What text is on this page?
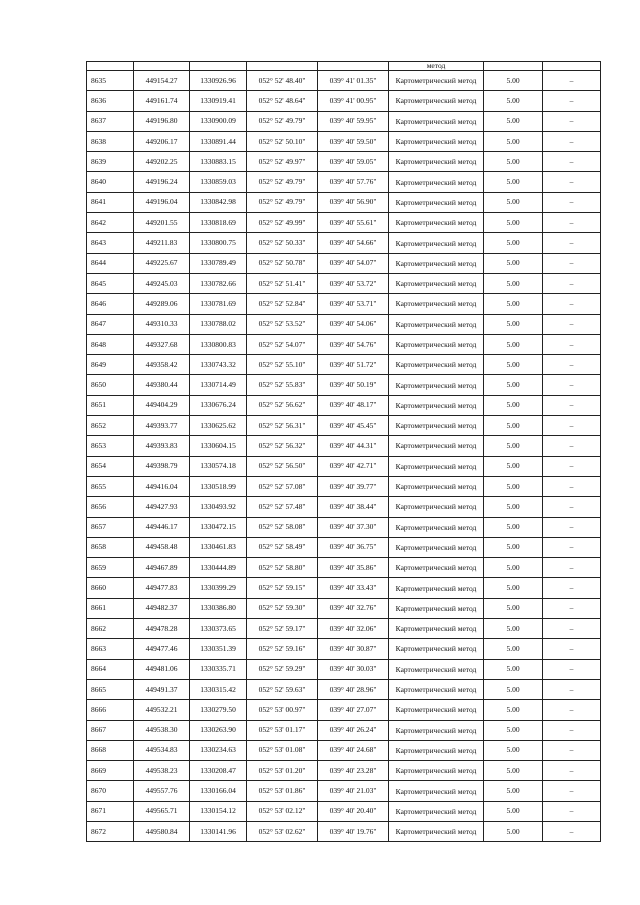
					метод		
8635	449154.27	1330926.96	052° 52' 48.40"	039° 41' 01.35"	Картометрический метод	5.00	–
8636	449161.74	1330919.41	052° 52' 48.64"	039° 41' 00.95"	Картометрический метод	5.00	–
8637	449196.80	1330900.09	052° 52' 49.79"	039° 40' 59.95"	Картометрический метод	5.00	–
8638	449206.17	1330891.44	052° 52' 50.10"	039° 40' 59.50"	Картометрический метод	5.00	–
8639	449202.25	1330883.15	052° 52' 49.97"	039° 40' 59.05"	Картометрический метод	5.00	–
8640	449196.24	1330859.03	052° 52' 49.79"	039° 40' 57.76"	Картометрический метод	5.00	–
8641	449196.04	1330842.98	052° 52' 49.79"	039° 40' 56.90"	Картометрический метод	5.00	–
8642	449201.55	1330818.69	052° 52' 49.99"	039° 40' 55.61"	Картометрический метод	5.00	–
8643	449211.83	1330800.75	052° 52' 50.33"	039° 40' 54.66"	Картометрический метод	5.00	–
8644	449225.67	1330789.49	052° 52' 50.78"	039° 40' 54.07"	Картометрический метод	5.00	–
8645	449245.03	1330782.66	052° 52' 51.41"	039° 40' 53.72"	Картометрический метод	5.00	–
8646	449289.06	1330781.69	052° 52' 52.84"	039° 40' 53.71"	Картометрический метод	5.00	–
8647	449310.33	1330788.02	052° 52' 53.52"	039° 40' 54.06"	Картометрический метод	5.00	–
8648	449327.68	1330800.83	052° 52' 54.07"	039° 40' 54.76"	Картометрический метод	5.00	–
8649	449358.42	1330743.32	052° 52' 55.10"	039° 40' 51.72"	Картометрический метод	5.00	–
8650	449380.44	1330714.49	052° 52' 55.83"	039° 40' 50.19"	Картометрический метод	5.00	–
8651	449404.29	1330676.24	052° 52' 56.62"	039° 40' 48.17"	Картометрический метод	5.00	–
8652	449393.77	1330625.62	052° 52' 56.31"	039° 40' 45.45"	Картометрический метод	5.00	–
8653	449393.83	1330604.15	052° 52' 56.32"	039° 40' 44.31"	Картометрический метод	5.00	–
8654	449398.79	1330574.18	052° 52' 56.50"	039° 40' 42.71"	Картометрический метод	5.00	–
8655	449416.04	1330518.99	052° 52' 57.08"	039° 40' 39.77"	Картометрический метод	5.00	–
8656	449427.93	1330493.92	052° 52' 57.48"	039° 40' 38.44"	Картометрический метод	5.00	–
8657	449446.17	1330472.15	052° 52' 58.08"	039° 40' 37.30"	Картометрический метод	5.00	–
8658	449458.48	1330461.83	052° 52' 58.49"	039° 40' 36.75"	Картометрический метод	5.00	–
8659	449467.89	1330444.89	052° 52' 58.80"	039° 40' 35.86"	Картометрический метод	5.00	–
8660	449477.83	1330399.29	052° 52' 59.15"	039° 40' 33.43"	Картометрический метод	5.00	–
8661	449482.37	1330386.80	052° 52' 59.30"	039° 40' 32.76"	Картометрический метод	5.00	–
8662	449478.28	1330373.65	052° 52' 59.17"	039° 40' 32.06"	Картометрический метод	5.00	–
8663	449477.46	1330351.39	052° 52' 59.16"	039° 40' 30.87"	Картометрический метод	5.00	–
8664	449481.06	1330335.71	052° 52' 59.29"	039° 40' 30.03"	Картометрический метод	5.00	–
8665	449491.37	1330315.42	052° 52' 59.63"	039° 40' 28.96"	Картометрический метод	5.00	–
8666	449532.21	1330279.50	052° 53' 00.97"	039° 40' 27.07"	Картометрический метод	5.00	–
8667	449538.30	1330263.90	052° 53' 01.17"	039° 40' 26.24"	Картометрический метод	5.00	–
8668	449534.83	1330234.63	052° 53' 01.08"	039° 40' 24.68"	Картометрический метод	5.00	–
8669	449538.23	1330208.47	052° 53' 01.20"	039° 40' 23.28"	Картометрический метод	5.00	–
8670	449557.76	1330166.04	052° 53' 01.86"	039° 40' 21.03"	Картометрический метод	5.00	–
8671	449565.71	1330154.12	052° 53' 02.12"	039° 40' 20.40"	Картометрический метод	5.00	–
8672	449580.84	1330141.96	052° 53' 02.62"	039° 40' 19.76"	Картометрический метод	5.00	–
